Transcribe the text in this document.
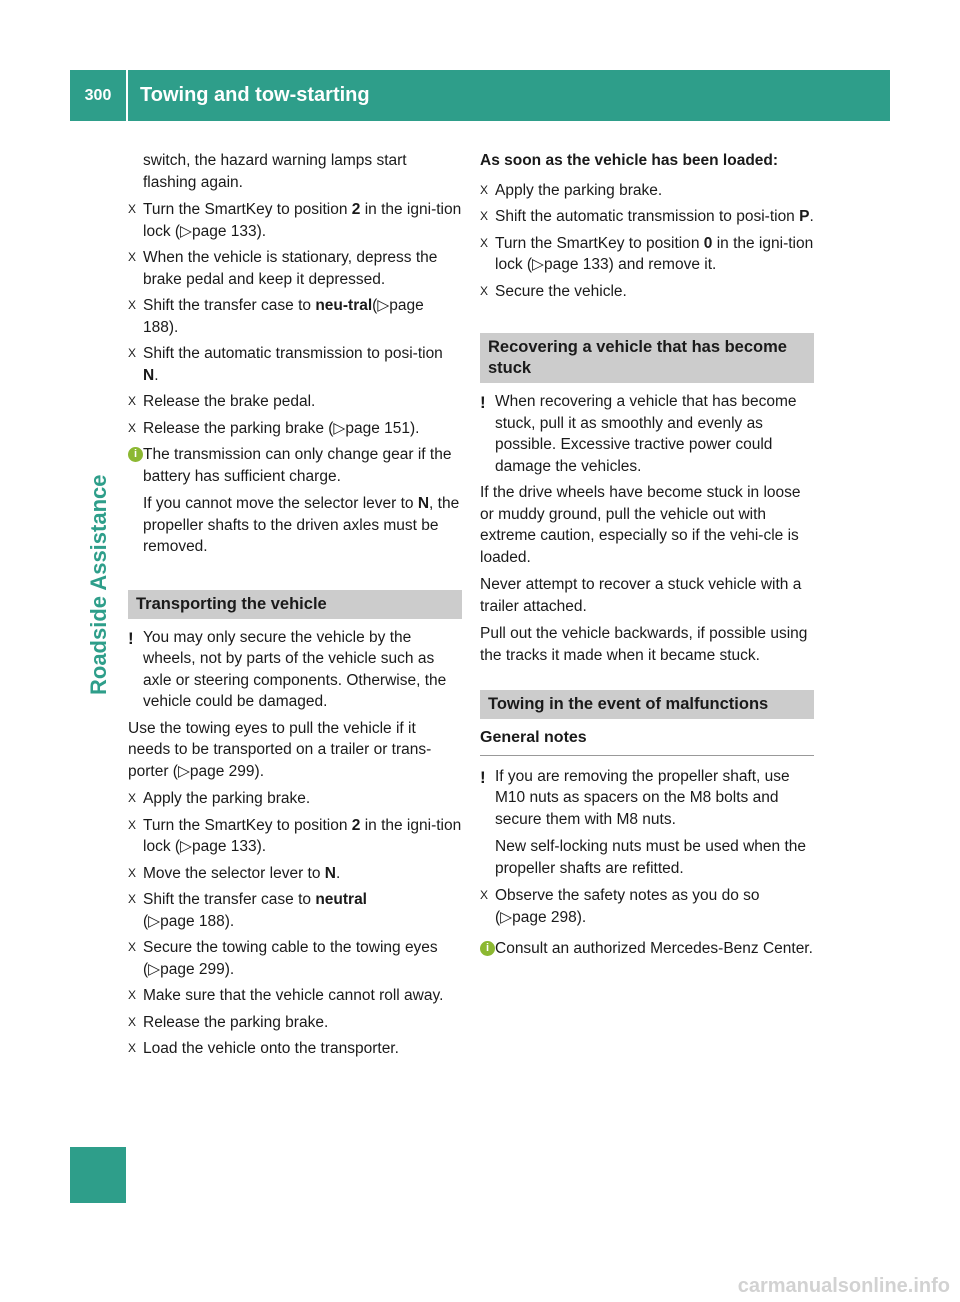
300	Towing and tow-starting
Roadside Assistance

switch, the hazard warning lamps start flashing again.

X Turn the SmartKey to position 2 in the igni-tion lock (▷page 133).
X When the vehicle is stationary, depress the brake pedal and keep it depressed.
X Shift the transfer case to neu-tral(▷page 188).
X Shift the automatic transmission to posi-tion N.
X Release the brake pedal.
X Release the parking brake (▷page 151).
i The transmission can only change gear if the battery has sufficient charge.

If you cannot move the selector lever to N, the propeller shafts to the driven axles must be removed.

Transporting the vehicle
! You may only secure the vehicle by the wheels, not by parts of the vehicle such as axle or steering components. Otherwise, the vehicle could be damaged.

Use the towing eyes to pull the vehicle if it needs to be transported on a trailer or trans-porter (▷page 299).

X Apply the parking brake.
X Turn the SmartKey to position 2 in the igni-tion lock (▷page 133).
X Move the selector lever to N.
X Shift the transfer case to neutral
(▷page 188).
X Secure the towing cable to the towing eyes (▷page 299).
X Make sure that the vehicle cannot roll away.
X Release the parking brake.
X Load the vehicle onto the transporter.

As soon as the vehicle has been loaded:

X Apply the parking brake.
X Shift the automatic transmission to posi-tion P.
X Turn the SmartKey to position 0 in the igni-tion lock (▷page 133) and remove it.
X Secure the vehicle.
Recovering a vehicle that has become stuck
! When recovering a vehicle that has become stuck, pull it as smoothly and evenly as possible. Excessive tractive power could damage the vehicles.

If the drive wheels have become stuck in loose or muddy ground, pull the vehicle out with extreme caution, especially so if the vehi-cle is loaded.

Never attempt to recover a stuck vehicle with a trailer attached.

Pull out the vehicle backwards, if possible using the tracks it made when it became stuck.

Towing in the event of malfunctions
General notes
! If you are removing the propeller shaft, use M10 nuts as spacers on the M8 bolts and secure them with M8 nuts.

New self-locking nuts must be used when the propeller shafts are refitted.

X Observe the safety notes as you do so (▷page 298).
i Consult an authorized Mercedes-Benz Center.
carmanualsonline.info
